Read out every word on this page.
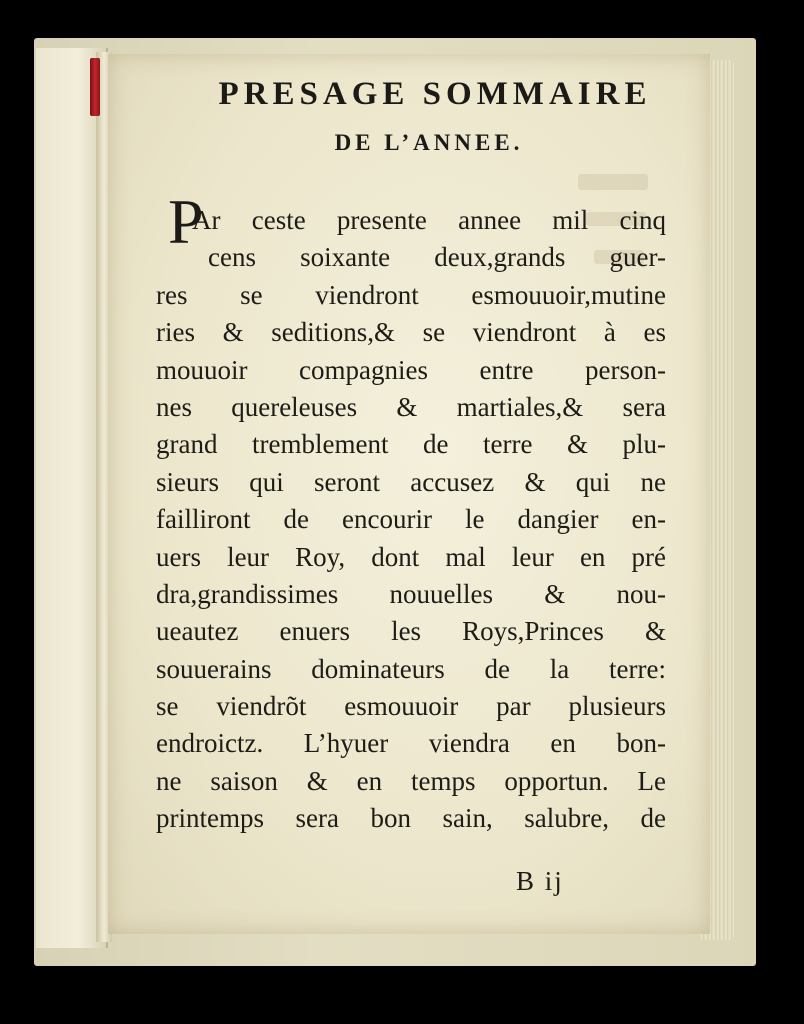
PRESAGE SOMMAIRE
DE L’ANNEE.
P
Ar ceste presente annee mil cinq
cens soixante deux,grands guer-
res se viendront esmouuoir,mutine
ries & seditions,& se viendront à es
mouuoir compagnies entre person-
nes quereleuses & martiales,& sera
grand tremblement de terre & plu-
sieurs qui seront accusez & qui ne
failliront de encourir le dangier en-
uers leur Roy, dont mal leur en pré
dra,grandissimes nouuelles & nou-
ueautez enuers les Roys,Princes &
souuerains dominateurs de la terre:
se viendrõt esmouuoir par plusieurs
endroictz. L’hyuer viendra en bon-
ne saison & en temps opportun. Le
printemps sera bon sain, salubre, de
B ij
